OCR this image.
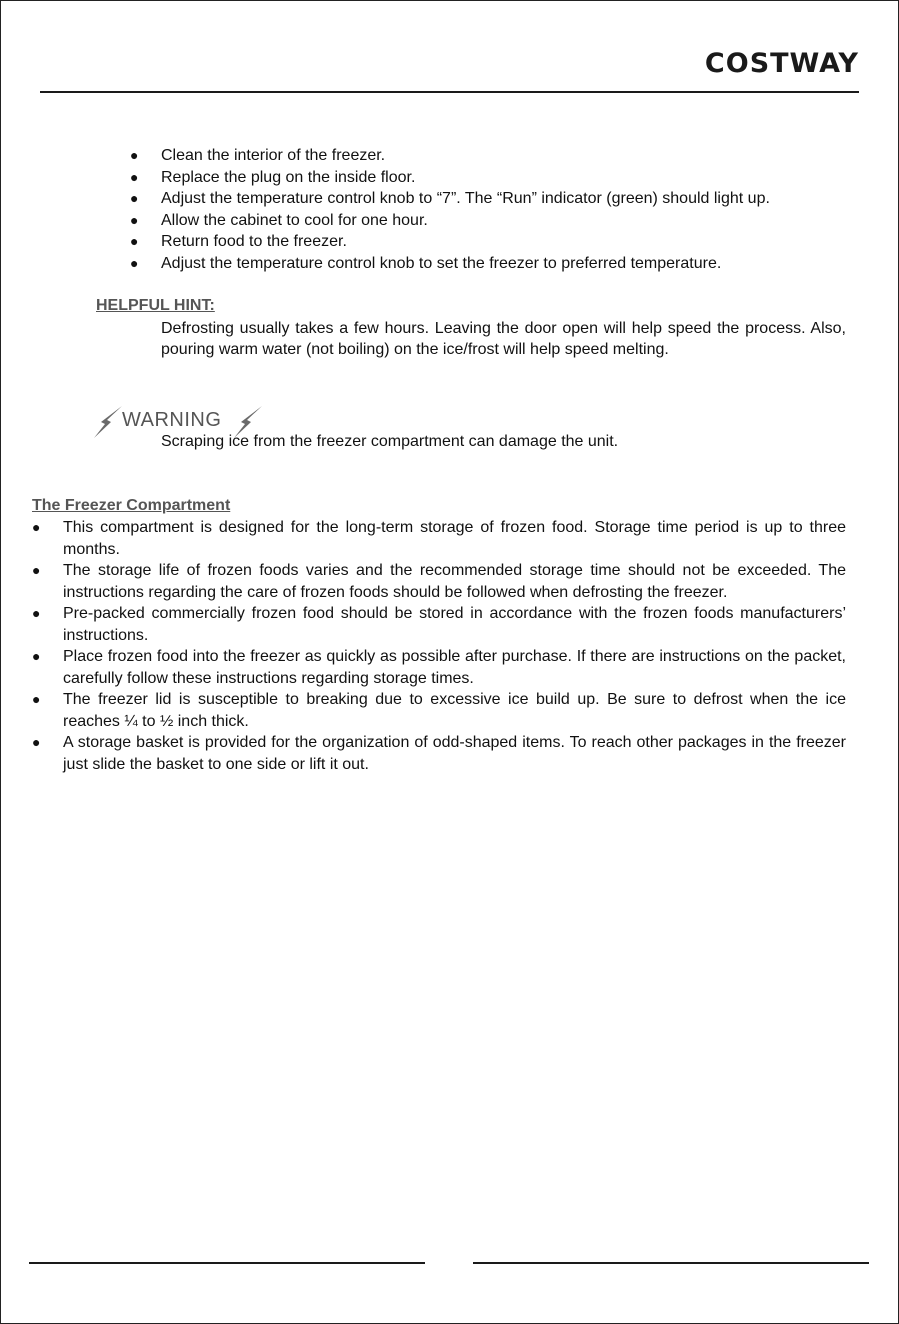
COSTWAY
● Clean the interior of the freezer.
● Replace the plug on the inside floor.
● Adjust the temperature control knob to “7”. The “Run” indicator (green) should light up.
● Allow the cabinet to cool for one hour.
● Return food to the freezer.
● Adjust the temperature control knob to set the freezer to preferred temperature.
HELPFUL HINT:

Defrosting usually takes a few hours. Leaving the door open will help speed the process. Also, pouring warm water (not boiling) on the ice/frost will help speed melting.

WARNING

Scraping ice from the freezer compartment can damage the unit.

The Freezer Compartment
● This compartment is designed for the long-term storage of frozen food. Storage time period is up to three months.
● The storage life of frozen foods varies and the recommended storage time should not be exceeded. The instructions regarding the care of frozen foods should be followed when defrosting the freezer.
● Pre-packed commercially frozen food should be stored in accordance with the frozen foods manufacturers’ instructions.
● Place frozen food into the freezer as quickly as possible after purchase. If there are instructions on the packet, carefully follow these instructions regarding storage times.
● The freezer lid is susceptible to breaking due to excessive ice build up. Be sure to defrost when the ice reaches ¼ to ½ inch thick.
● A storage basket is provided for the organization of odd-shaped items. To reach other packages in the freezer just slide the basket to one side or lift it out.
